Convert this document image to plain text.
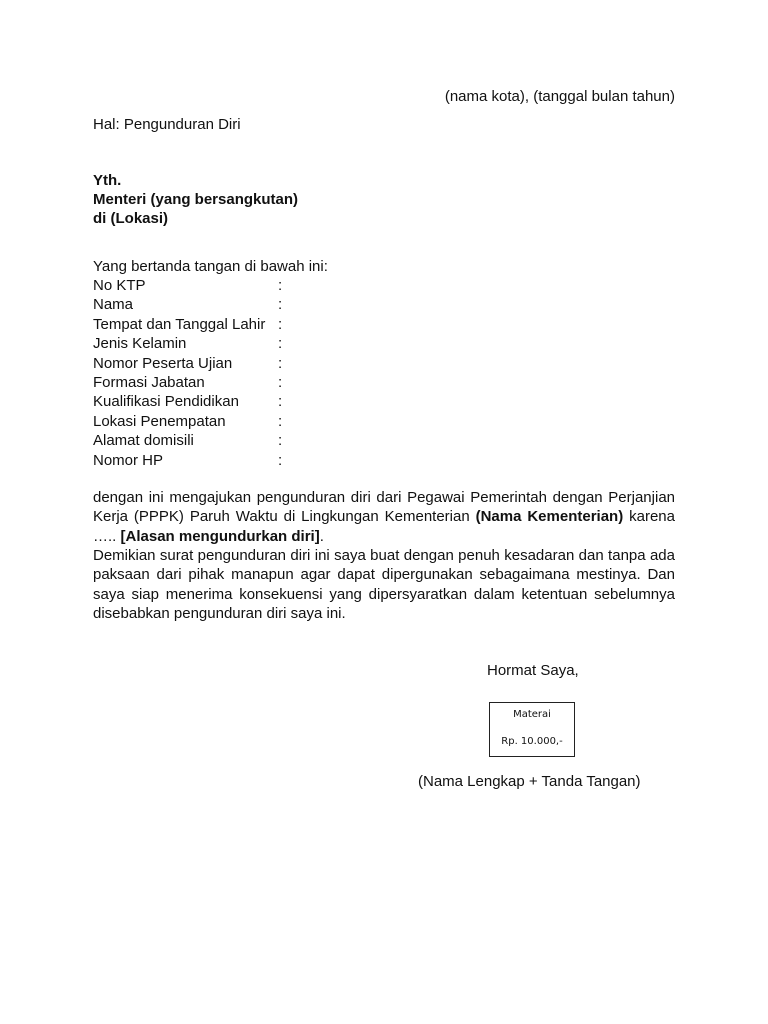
(nama kota), (tanggal bulan tahun)
Hal: Pengunduran Diri
Yth.
Menteri (yang bersangkutan)
di (Lokasi)
Yang bertanda tangan di bawah ini:
No KTP	:
Nama	:
Tempat dan Tanggal Lahir :
Jenis Kelamin	:
Nomor Peserta Ujian	:
Formasi Jabatan	:
Kualifikasi Pendidikan	:
Lokasi Penempatan	:
Alamat domisili	:
Nomor HP	:

dengan ini mengajukan pengunduran diri dari Pegawai Pemerintah dengan Perjanjian Kerja (PPPK) Paruh Waktu di Lingkungan Kementerian (Nama Kementerian) karena ….. [Alasan mengundurkan diri].

Demikian surat pengunduran diri ini saya buat dengan penuh kesadaran dan tanpa ada paksaan dari pihak manapun agar dapat dipergunakan sebagaimana mestinya. Dan saya siap menerima konsekuensi yang dipersyaratkan dalam ketentuan sebelumnya disebabkan pengunduran diri saya ini.

Hormat Saya,
Materai
Rp. 10.000,-
(Nama Lengkap + Tanda Tangan)
